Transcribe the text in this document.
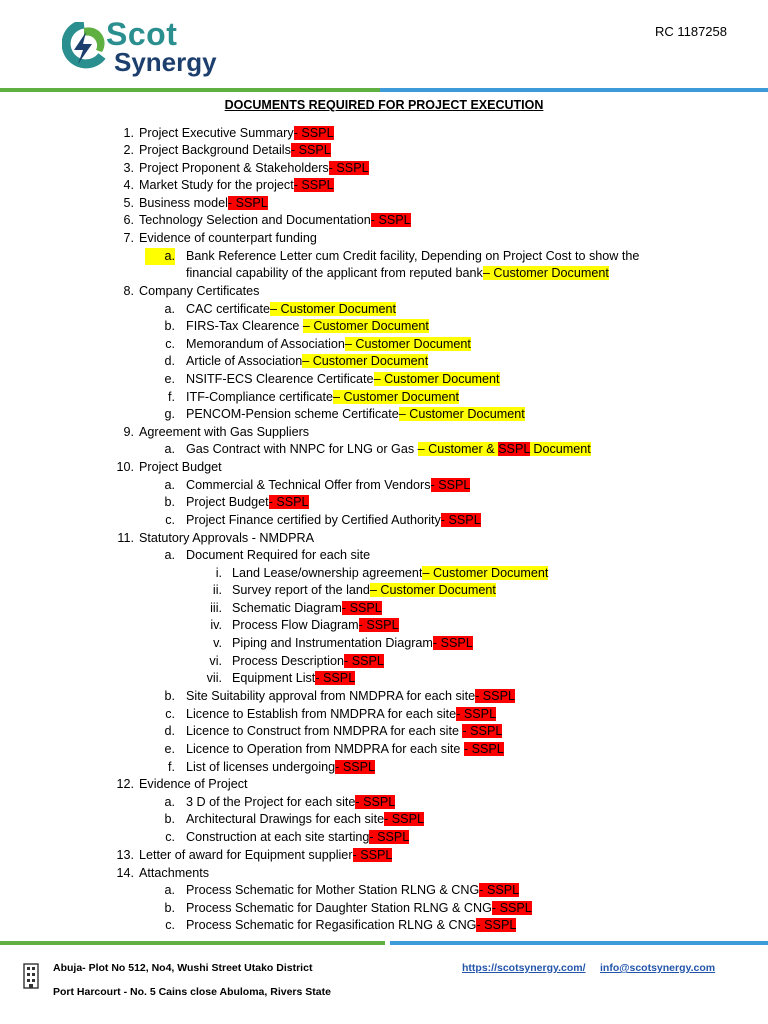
Scot
Synergy
RC 1187258
DOCUMENTS REQUIRED FOR PROJECT EXECUTION
1. Project Executive Summary- SSPL
2. Project Background Details- SSPL
3. Project Proponent & Stakeholders- SSPL
4. Market Study for the project- SSPL
5. Business model- SSPL
6. Technology Selection and Documentation- SSPL
7. Evidence of counterpart funding
a. Bank Reference Letter cum Credit facility, Depending on Project Cost to show the
financial capability of the applicant from reputed bank– Customer Document
8. Company Certificates
a. CAC certificate– Customer Document
b. FIRS-Tax Clearence – Customer Document
c. Memorandum of Association– Customer Document
d. Article of Association– Customer Document
e. NSITF-ECS Clearence Certificate– Customer Document
f. ITF-Compliance certificate– Customer Document
g. PENCOM-Pension scheme Certificate– Customer Document
9. Agreement with Gas Suppliers
a. Gas Contract with NNPC for LNG or Gas – Customer & SSPL Document
10. Project Budget
a. Commercial & Technical Offer from Vendors- SSPL
b. Project Budget- SSPL
c. Project Finance certified by Certified Authority- SSPL
11. Statutory Approvals - NMDPRA
a. Document Required for each site
i. Land Lease/ownership agreement– Customer Document
ii. Survey report of the land– Customer Document
iii. Schematic Diagram- SSPL
iv. Process Flow Diagram- SSPL
v. Piping and Instrumentation Diagram- SSPL
vi. Process Description- SSPL
vii. Equipment List- SSPL
b. Site Suitability approval from NMDPRA for each site- SSPL
c. Licence to Establish from NMDPRA for each site- SSPL
d. Licence to Construct from NMDPRA for each site - SSPL
e. Licence to Operation from NMDPRA for each site - SSPL
f. List of licenses undergoing- SSPL
12. Evidence of Project
a. 3 D of the Project for each site- SSPL
b. Architectural Drawings for each site- SSPL
c. Construction at each site starting- SSPL
13. Letter of award for Equipment supplier- SSPL
14. Attachments
a. Process Schematic for Mother Station RLNG & CNG- SSPL
b. Process Schematic for Daughter Station RLNG & CNG- SSPL
c. Process Schematic for Regasification RLNG & CNG- SSPL
Abuja- Plot No 512, No4, Wushi Street Utako District
Port Harcourt - No. 5 Cains close Abuloma, Rivers State
https://scotsynergy.com/ info@scotsynergy.com
